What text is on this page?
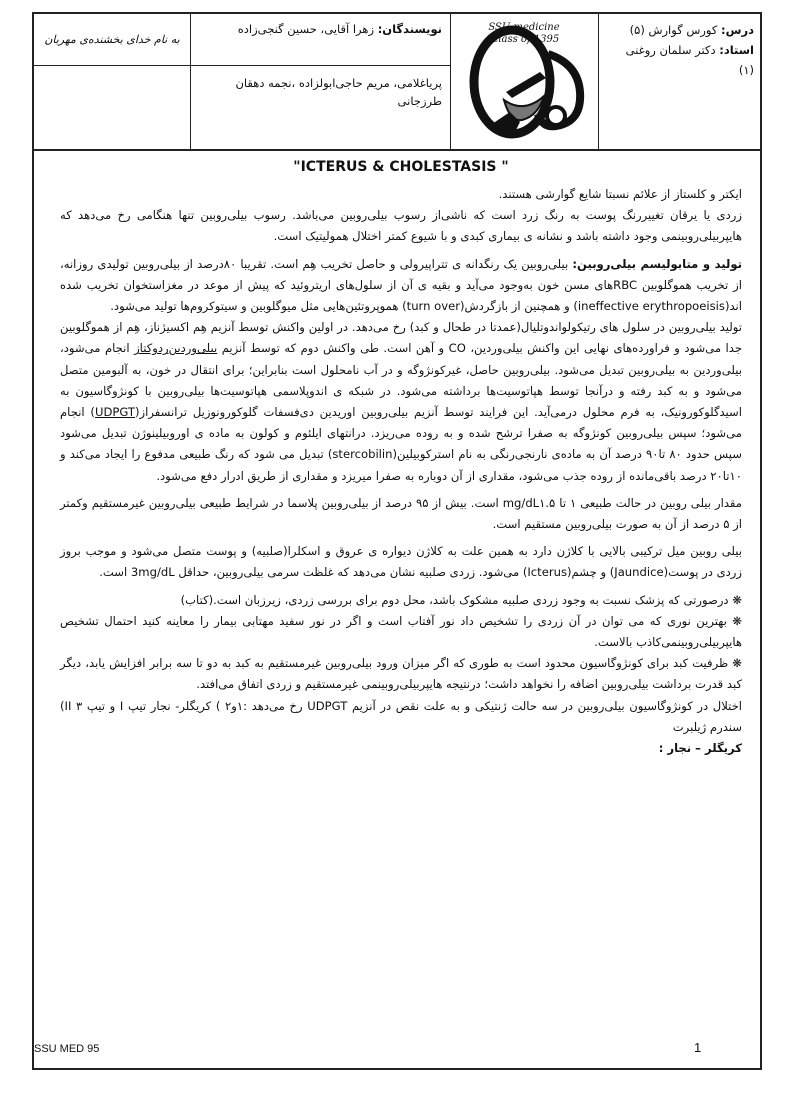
درس: کورس گوارش (۵)
استاد: دکتر سلمان روغنی
(۱)
SSU medicine
class of 1395
نویسندگان: زهرا آقایی، حسین گنجی‌زاده
پریاغلامی، مریم حاجی‌ابولزاده ،نجمه دهقان طرزجانی
به نام خدای بخشنده‌ی مهربان

"ICTERUS & CHOLESTASIS "

ایکتر و کلستاز از علائم نسبتا شایع گوارشی هستند.

زردی یا یرقان تغییررنگ پوست به رنگ زرد است که ناشی‌از رسوب بیلی‌روبین می‌باشد. رسوب بیلی‌روبین تنها هنگامی رخ می‌دهد که هایپربیلی‌روبینمی وجود داشته باشد و نشانه ی بیماری کبدی و با شیوع کمتر اختلال همولیتیک است.

تولید و متابولیسم بیلی‌روبین: بیلی‌روبین یک رنگدانه ی تتراپیرولی و حاصل تخریب هِم است. تقریبا ۸۰درصد از بیلی‌روبین تولیدی روزانه، از تخریب هموگلوبین RBCهای مسن خون به‌وجود می‌آید و بقیه ی آن از سلول‌های اریتروئید که پیش از موعد در مغزاستخوان تخریب شده اند(ineffective erythropoeisis) و همچنین از بازگردش(turn over) هموپروتئین‌هایی مثل میوگلوبین و سیتوکروم‌ها تولید می‌شود.

تولید بیلی‌روبین در سلول های رتیکولواندوتلیال(عمدتا در طحال و کبد) رخ می‌دهد. در اولین واکنش توسط آنزیم هِم اکسیژناز، هِم از هموگلوبین جدا می‌شود و فراورده‌های نهایی این واکنش بیلی‌وردین، CO و آهن است. طی واکنش دوم که توسط آنزیم بیلی‌وردین‌ردوکتاز انجام می‌شود، بیلی‌وردین به بیلی‌روبین تبدیل می‌شود. بیلی‌روبین حاصل، غیرکونژوگه و در آب نامحلول است بنابراین؛ برای انتقال در خون، به آلبومین متصل می‌شود و به کبد رفته و درآنجا توسط هپاتوسیت‌ها برداشته می‌شود. در شبکه ی اندوپلاسمی هپاتوسیت‌ها بیلی‌روبین با کونژوگاسیون به اسیدگلوکورونیک، به فرم محلول درمی‌آید. این فرایند توسط آنزیم بیلی‌روبین اوریدین دی‌فسفات گلوکورونوزیل ترانسفراز(UDPGT) انجام می‌شود؛ سپس بیلی‌روبین کونژوگه به صفرا ترشح شده و به روده می‌ریزد. درانتهای ایلئوم و کولون به ماده ی اوروبیلینوژن تبدیل می‌شود سپس حدود ۸۰ تا۹۰ درصد آن به ماده‌ی نارنجی‌رنگی به نام استرکوبیلین(stercobilin) تبدیل می شود که رنگ طبیعی مدفوع را ایجاد می‌کند و ۱۰تا۲۰ درصد باقی‌مانده از روده جذب می‌شود، مقداری از آن دوباره به صفرا میریزد و مقداری از طریق ادرار دفع می‌شود.

مقدار بیلی روبین در حالت طبیعی ۱ تا mg/dL۱.۵ است. بیش از ۹۵ درصد از بیلی‌روبین پلاسما در شرایط طبیعی بیلی‌روبین غیرمستقیم وکمتر از ۵ درصد از آن به صورت بیلی‌روبین مستقیم است.

بیلی روبین میل ترکیبی بالایی با کلاژن دارد به همین علت به کلاژن دیواره ی عروق و اسکلرا(صلبیه) و پوست متصل می‌شود و موجب بروز زردی در پوست(Jaundice) و چشم(Icterus) می‌شود. زردی صلبیه نشان می‌دهد که غلظت سرمی بیلی‌روبین، حداقل 3mg/dL است.

❋ درصورتی که پزشک نسبت به وجود زردی صلبیه مشکوک باشد، محل دوم برای بررسی زردی، زیرزبان است.(کتاب)

❋ بهترین نوری که می توان در آن زردی را تشخیص داد نور آفتاب است و اگر در نور سفید مهتابی بیمار را معاینه کنید احتمال تشخیص هایپربیلی‌روبینمی‌کاذب بالاست.

❋ ظرفیت کبد برای کونژوگاسیون محدود است به طوری که اگر میزان ورود بیلی‌روبین غیرمستقیم به کبد به دو تا سه برابر افزایش یابد، دیگر کبد قدرت برداشت بیلی‌روبین اضافه را نخواهد داشت؛ درنتیجه هایپربیلی‌روبینمی غیرمستقیم و زردی اتفاق می‌افتد.

اختلال در کونژوگاسیون بیلی‌روبین در سه حالت ژنتیکی و به علت نقص در آنزیم UDPGT رخ می‌دهد :۱و۲ ) کریگلر- نجار تیپ I و تیپ II ۳) سندرم ژیلبرت

کریگلر – نجار :

SSU MED 95	1
